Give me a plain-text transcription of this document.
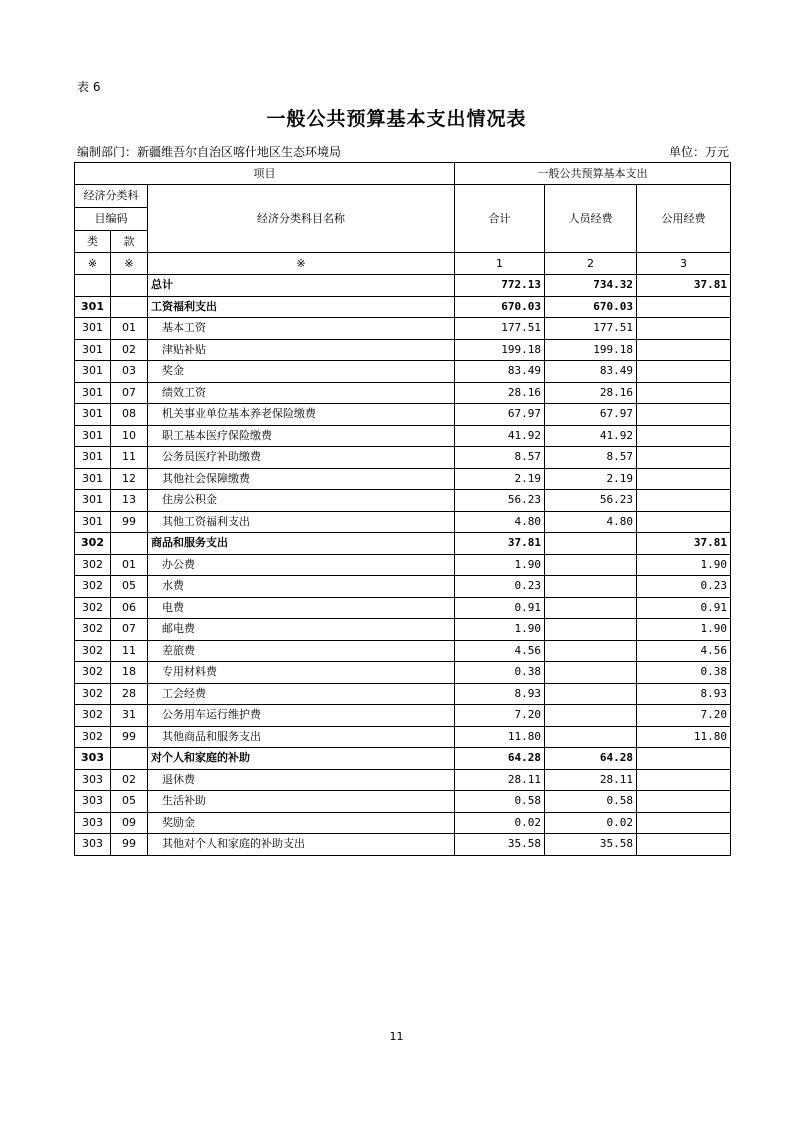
表 6
一般公共预算基本支出情况表
编制部门：新疆维吾尔自治区喀什地区生态环境局	单位：万元
项目			一般公共预算基本支出		
经济分类科		经济分类科目名称	合计	人员经费	公用经费
目编码					
类	款				
※	※	※	1	2	3
		总计	772.13	734.32	37.81
301		工资福利支出	670.03	670.03	
301	01	基本工资	177.51	177.51	
301	02	津贴补贴	199.18	199.18	
301	03	奖金	83.49	83.49	
301	07	绩效工资	28.16	28.16	
301	08	机关事业单位基本养老保险缴费	67.97	67.97	
301	10	职工基本医疗保险缴费	41.92	41.92	
301	11	公务员医疗补助缴费	8.57	8.57	
301	12	其他社会保障缴费	2.19	2.19	
301	13	住房公积金	56.23	56.23	
301	99	其他工资福利支出	4.80	4.80	
302		商品和服务支出	37.81		37.81
302	01	办公费	1.90		1.90
302	05	水费	0.23		0.23
302	06	电费	0.91		0.91
302	07	邮电费	1.90		1.90
302	11	差旅费	4.56		4.56
302	18	专用材料费	0.38		0.38
302	28	工会经费	8.93		8.93
302	31	公务用车运行维护费	7.20		7.20
302	99	其他商品和服务支出	11.80		11.80
303		对个人和家庭的补助	64.28	64.28	
303	02	退休费	28.11	28.11	
303	05	生活补助	0.58	0.58	
303	09	奖励金	0.02	0.02	
303	99	其他对个人和家庭的补助支出	35.58	35.58	
11
